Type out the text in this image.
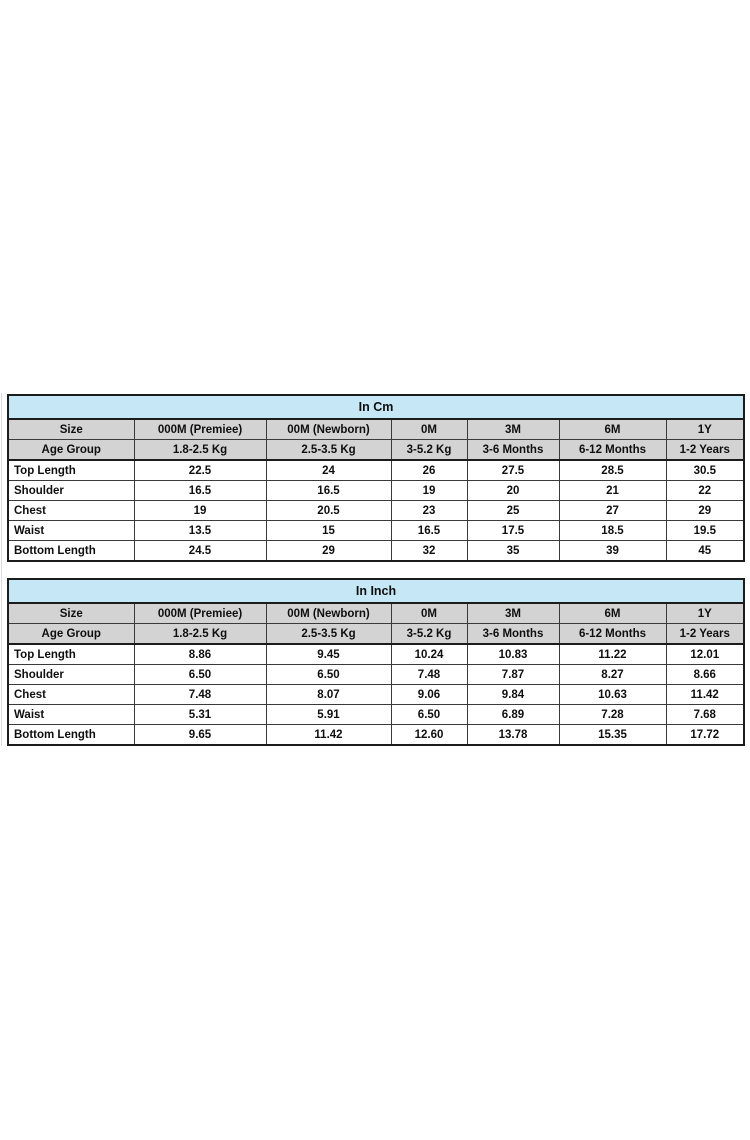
In Cm						
Size	000M (Premiee)	00M (Newborn)	0M	3M	6M	1Y
Age Group	1.8-2.5 Kg	2.5-3.5 Kg	3-5.2 Kg	3-6 Months	6-12 Months	1-2 Years
Top Length	22.5	24	26	27.5	28.5	30.5
Shoulder	16.5	16.5	19	20	21	22
Chest	19	20.5	23	25	27	29
Waist	13.5	15	16.5	17.5	18.5	19.5
Bottom Length	24.5	29	32	35	39	45
In Inch						
Size	000M (Premiee)	00M (Newborn)	0M	3M	6M	1Y
Age Group	1.8-2.5 Kg	2.5-3.5 Kg	3-5.2 Kg	3-6 Months	6-12 Months	1-2 Years
Top Length	8.86	9.45	10.24	10.83	11.22	12.01
Shoulder	6.50	6.50	7.48	7.87	8.27	8.66
Chest	7.48	8.07	9.06	9.84	10.63	11.42
Waist	5.31	5.91	6.50	6.89	7.28	7.68
Bottom Length	9.65	11.42	12.60	13.78	15.35	17.72
